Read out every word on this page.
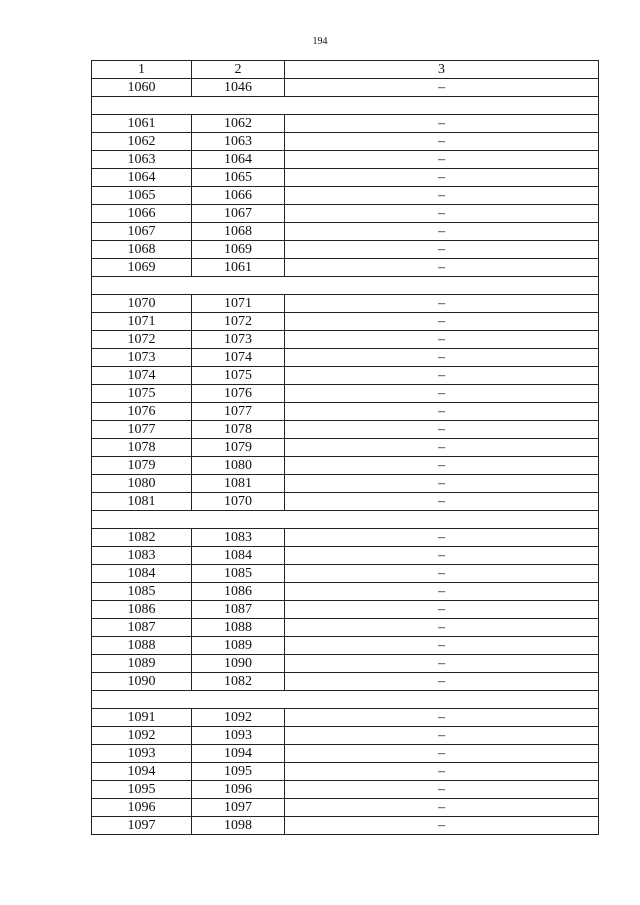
194
1	2	3
1060	1046	–

1061	1062	–
1062	1063	–
1063	1064	–
1064	1065	–
1065	1066	–
1066	1067	–
1067	1068	–
1068	1069	–
1069	1061	–

1070	1071	–
1071	1072	–
1072	1073	–
1073	1074	–
1074	1075	–
1075	1076	–
1076	1077	–
1077	1078	–
1078	1079	–
1079	1080	–
1080	1081	–
1081	1070	–

1082	1083	–
1083	1084	–
1084	1085	–
1085	1086	–
1086	1087	–
1087	1088	–
1088	1089	–
1089	1090	–
1090	1082	–

1091	1092	–
1092	1093	–
1093	1094	–
1094	1095	–
1095	1096	–
1096	1097	–
1097	1098	–
